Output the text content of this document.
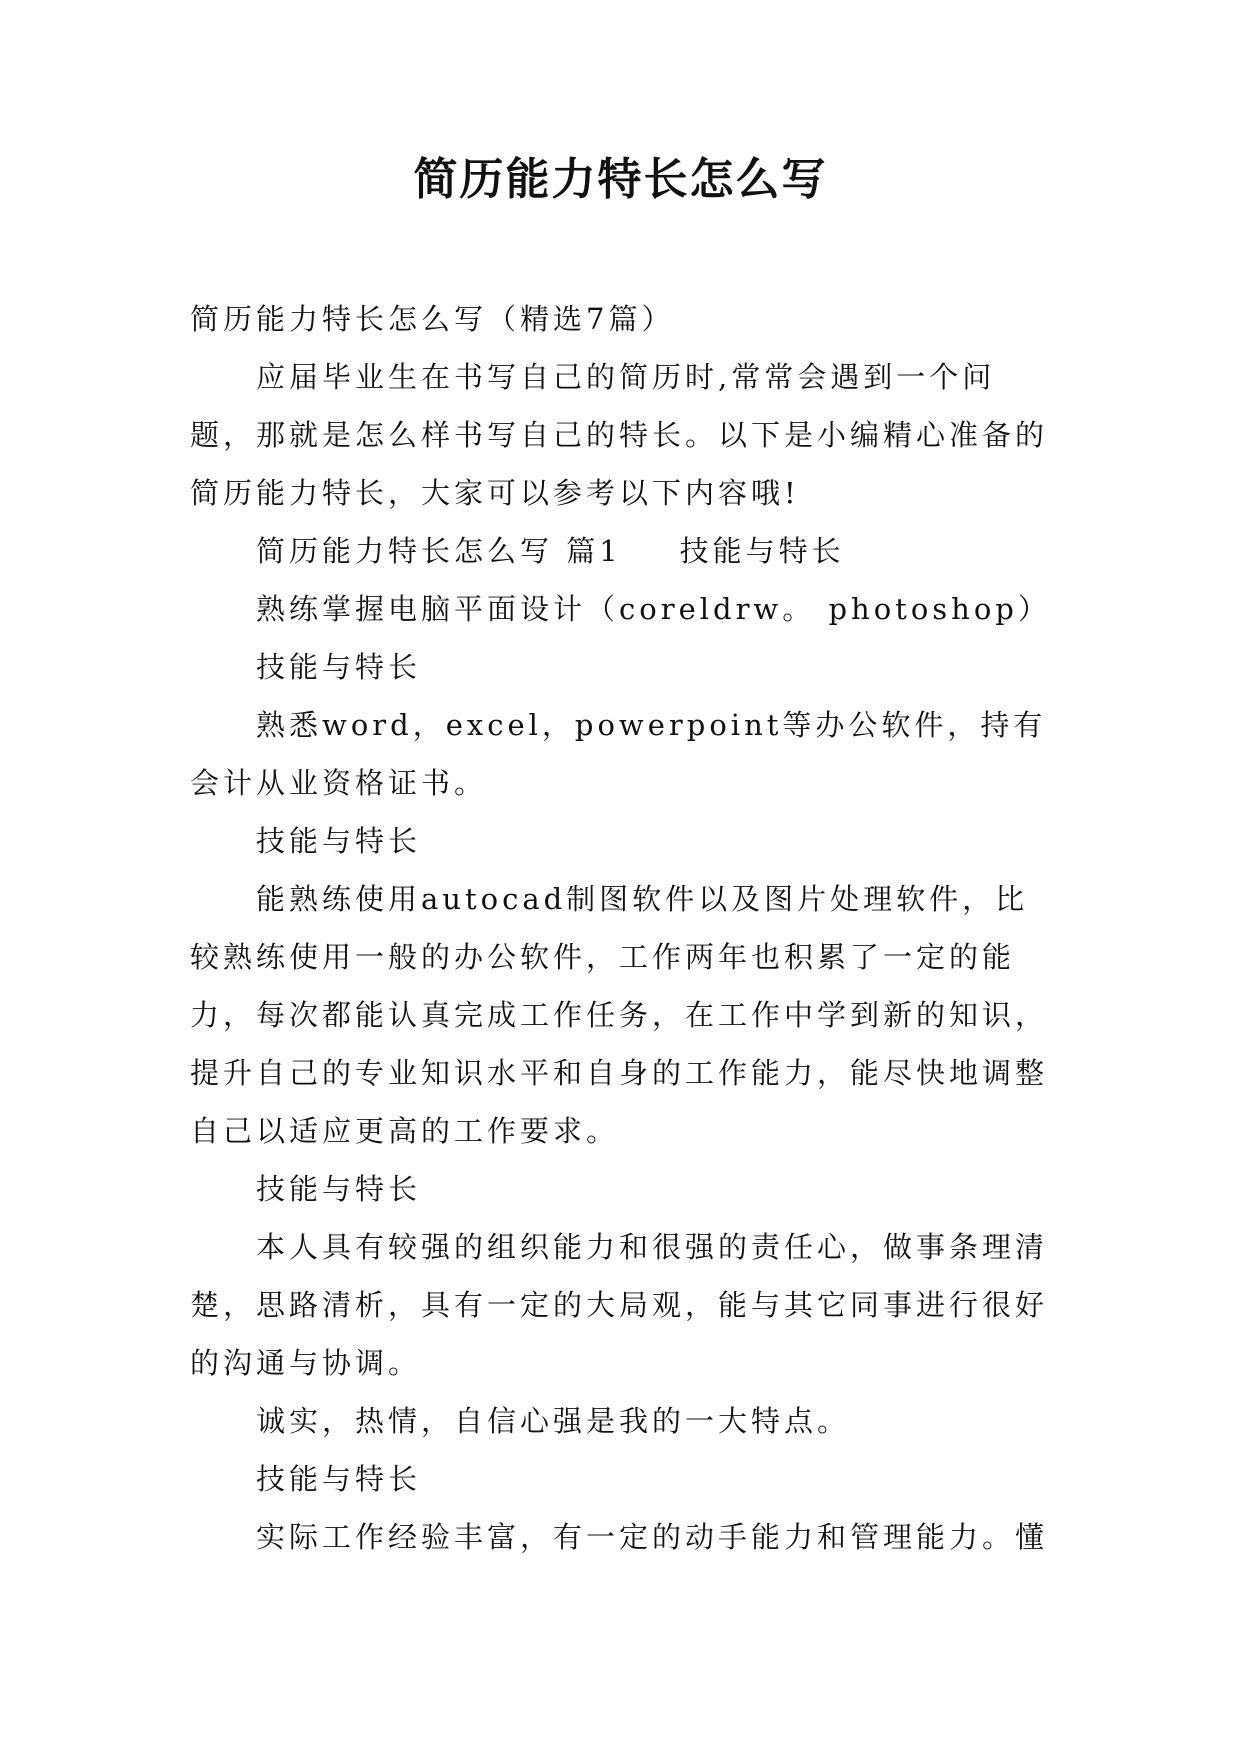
简历能力特长怎么写

简历能力特长怎么写（精选7篇）

应届毕业生在书写自己的简历时,常常会遇到一个问题，那就是怎么样书写自己的特长。以下是小编精心准备的简历能力特长，大家可以参考以下内容哦!

简历能力特长怎么写 篇1 技能与特长

熟练掌握电脑平面设计（coreldrw。 photoshop）

技能与特长

熟悉word，excel，powerpoint等办公软件，持有会计从业资格证书。

技能与特长

能熟练使用autocad制图软件以及图片处理软件，比较熟练使用一般的办公软件，工作两年也积累了一定的能力，每次都能认真完成工作任务，在工作中学到新的知识，提升自己的专业知识水平和自身的工作能力，能尽快地调整自己以适应更高的工作要求。

技能与特长

本人具有较强的组织能力和很强的责任心，做事条理清楚，思路清析，具有一定的大局观，能与其它同事进行很好的沟通与协调。

诚实，热情，自信心强是我的一大特点。

技能与特长

实际工作经验丰富，有一定的动手能力和管理能力。懂
